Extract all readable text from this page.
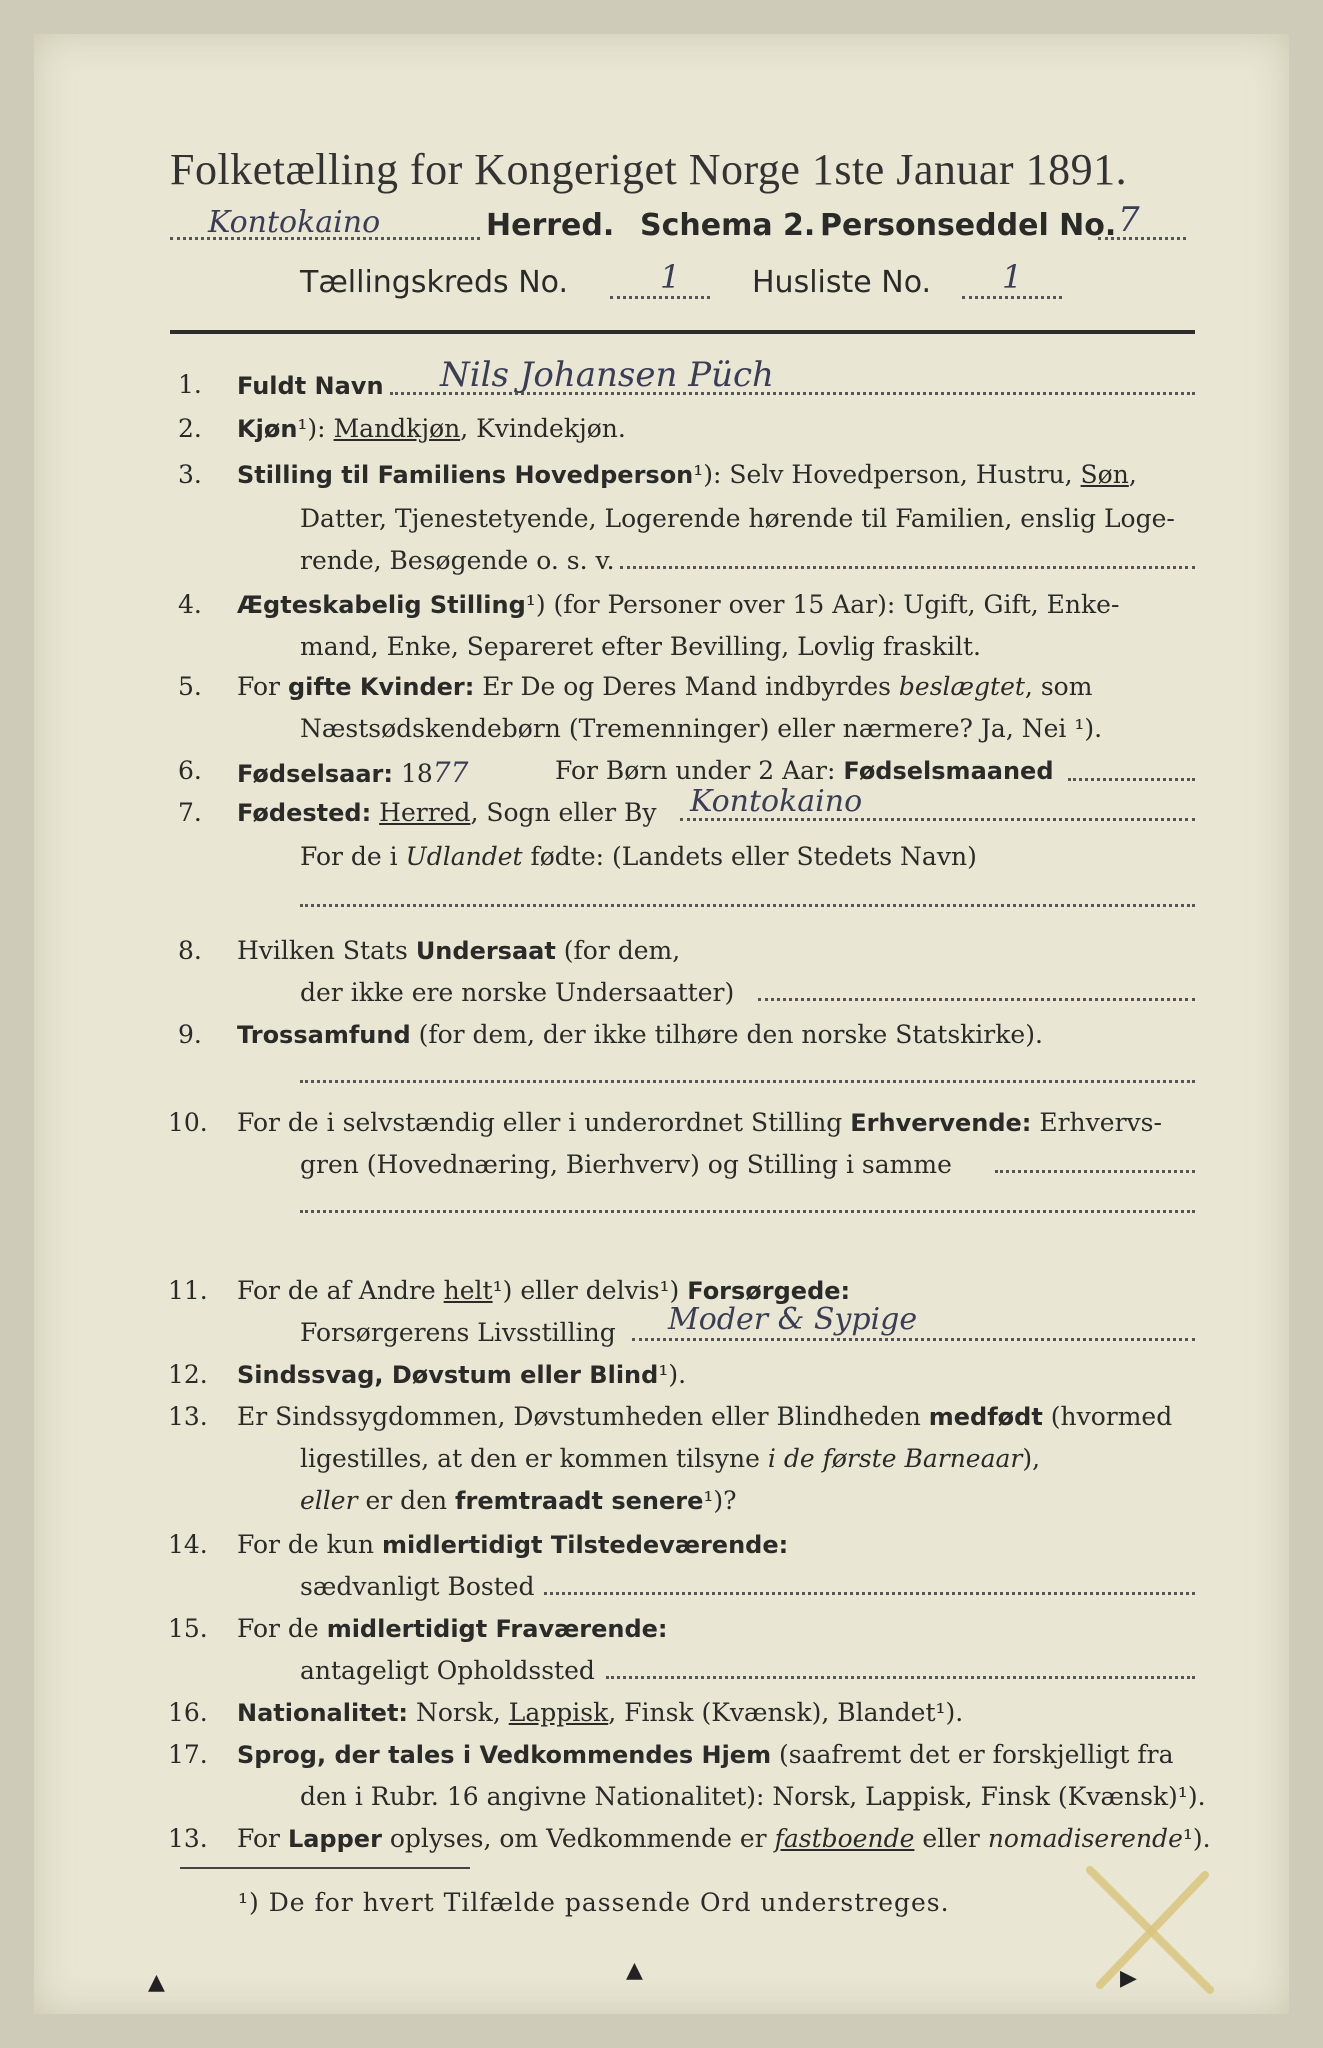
Folketælling for Kongeriget Norge 1ste Januar 1891.
Kontokaino	Herred. Schema 2. Personseddel No. 7
Tællingskreds No.	1 Husliste No. 1
1. Fuldt Navn Nils Johansen Püch
2. Kjøn¹): Mandkjøn, Kvindekjøn.
3. Stilling til Familiens Hovedperson¹): Selv Hovedperson, Hustru, Søn,
Datter, Tjenestetyende, Logerende hørende til Familien, enslig Loge-
rende, Besøgende o. s. v.
4. Ægteskabelig Stilling¹) (for Personer over 15 Aar): Ugift, Gift, Enke-
mand, Enke, Separeret efter Bevilling, Lovlig fraskilt.
5. For gifte Kvinder: Er De og Deres Mand indbyrdes beslægtet, som
Næstsødskendebørn (Tremenninger) eller nærmere? Ja, Nei ¹).
6. Fødselsaar: 1877	For Børn under 2 Aar: Fødselsmaaned
7. Fødested: Herred, Sogn eller By Kontokaino
For de i Udlandet fødte: (Landets eller Stedets Navn)
8. Hvilken Stats Undersaat (for dem,
der ikke ere norske Undersaatter)
9. Trossamfund (for dem, der ikke tilhøre den norske Statskirke).
10. For de i selvstændig eller i underordnet Stilling Erhvervende: Erhvervs-
gren (Hovednæring, Bierhverv) og Stilling i samme
11. For de af Andre helt¹) eller delvis¹) Forsørgede:
Forsørgerens Livsstilling Moder & Sypige
12. Sindssvag, Døvstum eller Blind¹).
13. Er Sindssygdommen, Døvstumheden eller Blindheden medfødt (hvormed
ligestilles, at den er kommen tilsyne i de første Barneaar),
eller er den fremtraadt senere¹)?
14. For de kun midlertidigt Tilstedeværende:
sædvanligt Bosted
15. For de midlertidigt Fraværende:
antageligt Opholdssted
16. Nationalitet: Norsk, Lappisk, Finsk (Kvænsk), Blandet¹).
17. Sprog, der tales i Vedkommendes Hjem (saafremt det er forskjelligt fra
den i Rubr. 16 angivne Nationalitet): Norsk, Lappisk, Finsk (Kvænsk)¹).
13. For Lapper oplyses, om Vedkommende er fastboende eller nomadiserende¹).
¹) De for hvert Tilfælde passende Ord understreges.
▲	▲	▶
